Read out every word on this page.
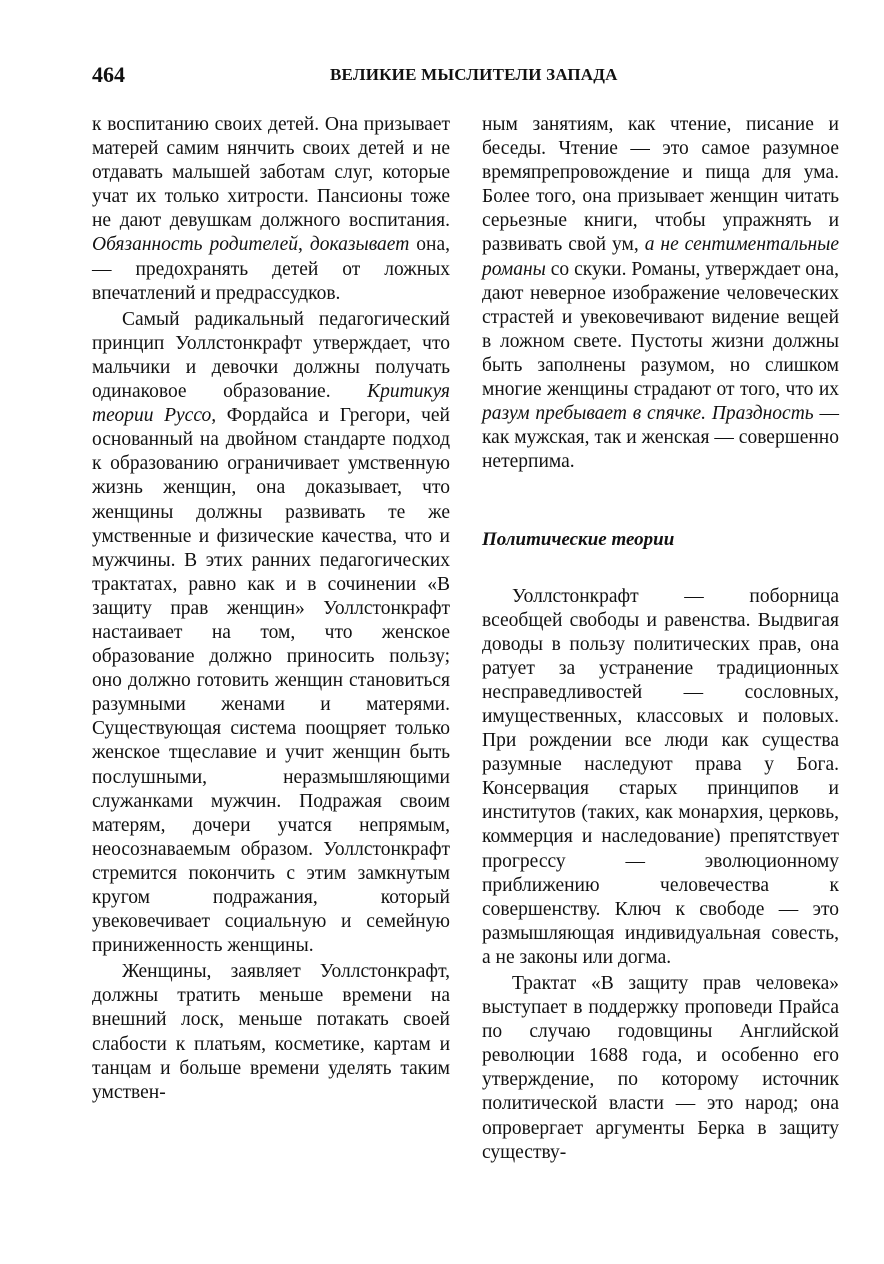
464	ВЕЛИКИЕ МЫСЛИТЕЛИ ЗАПАДА

к воспитанию своих детей. Она призывает матерей самим нянчить своих детей и не отдавать малышей заботам слуг, которые учат их только хитрости. Пансионы тоже не дают девушкам должного воспитания. Обязанность родителей, доказывает она, — предохранять детей от ложных впечатлений и предрассудков.

Самый радикальный педагогический принцип Уоллстонкрафт утверждает, что мальчики и девочки должны получать одинаковое образование. Критикуя теории Руссо, Фордайса и Грегори, чей основанный на двойном стандарте подход к образованию ограничивает умственную жизнь женщин, она доказывает, что женщины должны развивать те же умственные и физические качества, что и мужчины. В этих ранних педагогических трактатах, равно как и в сочинении «В защиту прав женщин» Уоллстонкрафт настаивает на том, что женское образование должно приносить пользу; оно должно готовить женщин становиться разумными женами и матерями. Существующая система поощряет только женское тщеславие и учит женщин быть послушными, неразмышляющими служанками мужчин. Подражая своим матерям, дочери учатся непрямым, неосознаваемым образом. Уоллстонкрафт стремится покончить с этим замкнутым кругом подражания, который увековечивает социальную и семейную приниженность женщины.

Женщины, заявляет Уоллстонкрафт, должны тратить меньше времени на внешний лоск, меньше потакать своей слабости к платьям, косметике, картам и танцам и больше времени уделять таким умствен-

ным занятиям, как чтение, писание и беседы. Чтение — это самое разумное времяпрепровождение и пища для ума. Более того, она призывает женщин читать серьезные книги, чтобы упражнять и развивать свой ум, а не сентиментальные романы со скуки. Романы, утверждает она, дают неверное изображение человеческих страстей и увековечивают видение вещей в ложном свете. Пустоты жизни должны быть заполнены разумом, но слишком многие женщины страдают от того, что их разум пребывает в спячке. Праздность — как мужская, так и женская — совершенно нетерпима.

Политические теории

Уоллстонкрафт — поборница всеобщей свободы и равенства. Выдвигая доводы в пользу политических прав, она ратует за устранение традиционных несправедливостей — сословных, имущественных, классовых и половых. При рождении все люди как существа разумные наследуют права у Бога. Консервация старых принципов и институтов (таких, как монархия, церковь, коммерция и наследование) препятствует прогрессу — эволюционному приближению человечества к совершенству. Ключ к свободе — это размышляющая индивидуальная совесть, а не законы или догма.

Трактат «В защиту прав человека» выступает в поддержку проповеди Прайса по случаю годовщины Английской революции 1688 года, и особенно его утверждение, по которому источник политической власти — это народ; она опровергает аргументы Берка в защиту существу-
